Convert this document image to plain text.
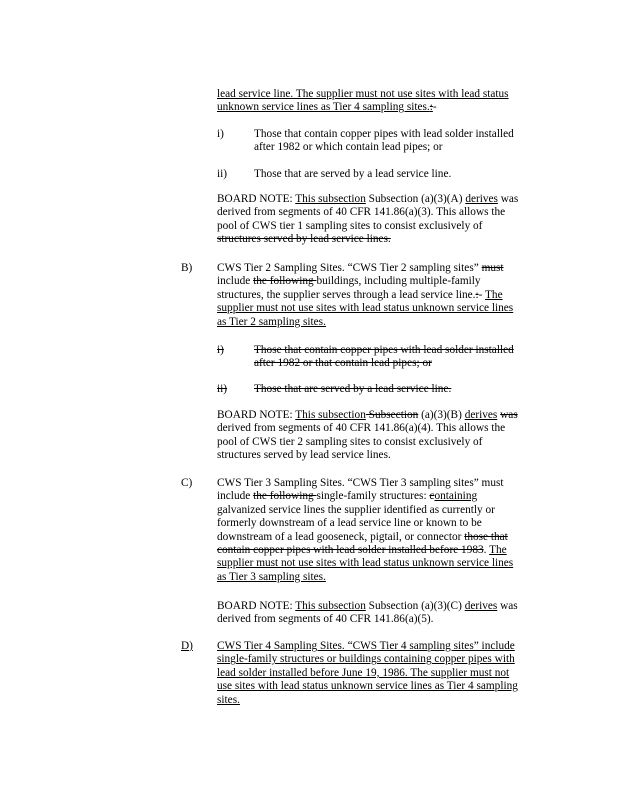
lead service line. The supplier must not use sites with lead status
unknown service lines as Tier 4 sampling sites.:-
i)	Those that contain copper pipes with lead solder installed
after 1982 or which contain lead pipes; or
ii) Those that are served by a lead service line.
BOARD NOTE: This subsection Subsection (a)(3)(A) derives was
derived from segments of 40 CFR 141.86(a)(3). This allows the
pool of CWS tier 1 sampling sites to consist exclusively of
structures served by lead service lines.
B) CWS Tier 2 Sampling Sites. “CWS Tier 2 sampling sites” must
include the following buildings, including multiple-family
structures, the supplier serves through a lead service line.:- The
supplier must not use sites with lead status unknown service lines
as Tier 2 sampling sites.
i)	Those that contain copper pipes with lead solder installed
after 1982 or that contain lead pipes; or
ii) Those that are served by a lead service line.
BOARD NOTE: This subsection Subsection (a)(3)(B) derives was
derived from segments of 40 CFR 141.86(a)(4). This allows the
pool of CWS tier 2 sampling sites to consist exclusively of
structures served by lead service lines.
C) CWS Tier 3 Sampling Sites. “CWS Tier 3 sampling sites” must
include the following single-family structures: containing
galvanized service lines the supplier identified as currently or
formerly downstream of a lead service line or known to be
downstream of a lead gooseneck, pigtail, or connector those that
contain copper pipes with lead solder installed before 1983. The
supplier must not use sites with lead status unknown service lines
as Tier 3 sampling sites.
BOARD NOTE: This subsection Subsection (a)(3)(C) derives was
derived from segments of 40 CFR 141.86(a)(5).
D) CWS Tier 4 Sampling Sites. “CWS Tier 4 sampling sites” include
single-family structures or buildings containing copper pipes with
lead solder installed before June 19, 1986. The supplier must not
use sites with lead status unknown service lines as Tier 4 sampling
sites.
